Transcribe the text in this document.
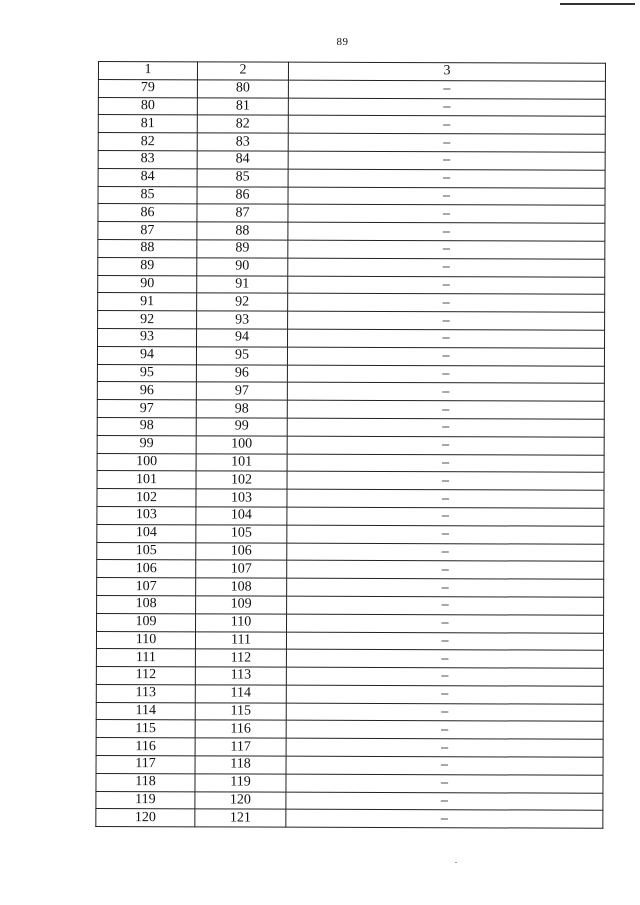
89
1	2	3
79	80	–
80	81	–
81	82	–
82	83	–
83	84	–
84	85	–
85	86	–
86	87	–
87	88	–
88	89	–
89	90	–
90	91	–
91	92	–
92	93	–
93	94	–
94	95	–
95	96	–
96	97	–
97	98	–
98	99	–
99	100	–
100	101	–
101	102	–
102	103	–
103	104	–
104	105	–
105	106	–
106	107	–
107	108	–
108	109	–
109	110	–
110	111	–
111	112	–
112	113	–
113	114	–
114	115	–
115	116	–
116	117	–
117	118	–
118	119	–
119	120	–
120	121	–
